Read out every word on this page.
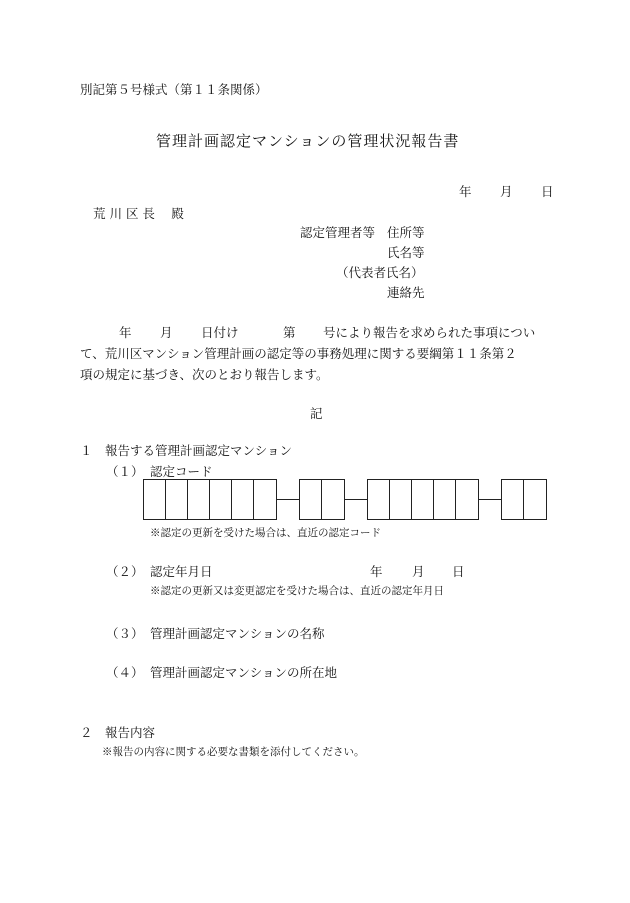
別記第５号様式（第１１条関係）
管理計画認定マンションの管理状況報告書
年 月 日
荒 川 区 長　 殿
認定管理者等 住所等
氏名等
（代表者氏名）
連絡先
年 月 日付け	第 号により報告を求められた事項につい
て、荒川区マンション管理計画の認定等の事務処理に関する要綱第１１条第２
項の規定に基づき、次のとおり報告します。
記
１　報告する管理計画認定マンション
（１） 認定コード
※認定の更新を受けた場合は、直近の認定コード
（２） 認定年月日	年 月 日
※認定の更新又は変更認定を受けた場合は、直近の認定年月日
（３） 管理計画認定マンションの名称
（４） 管理計画認定マンションの所在地
２　報告内容
※報告の内容に関する必要な書類を添付してください。
